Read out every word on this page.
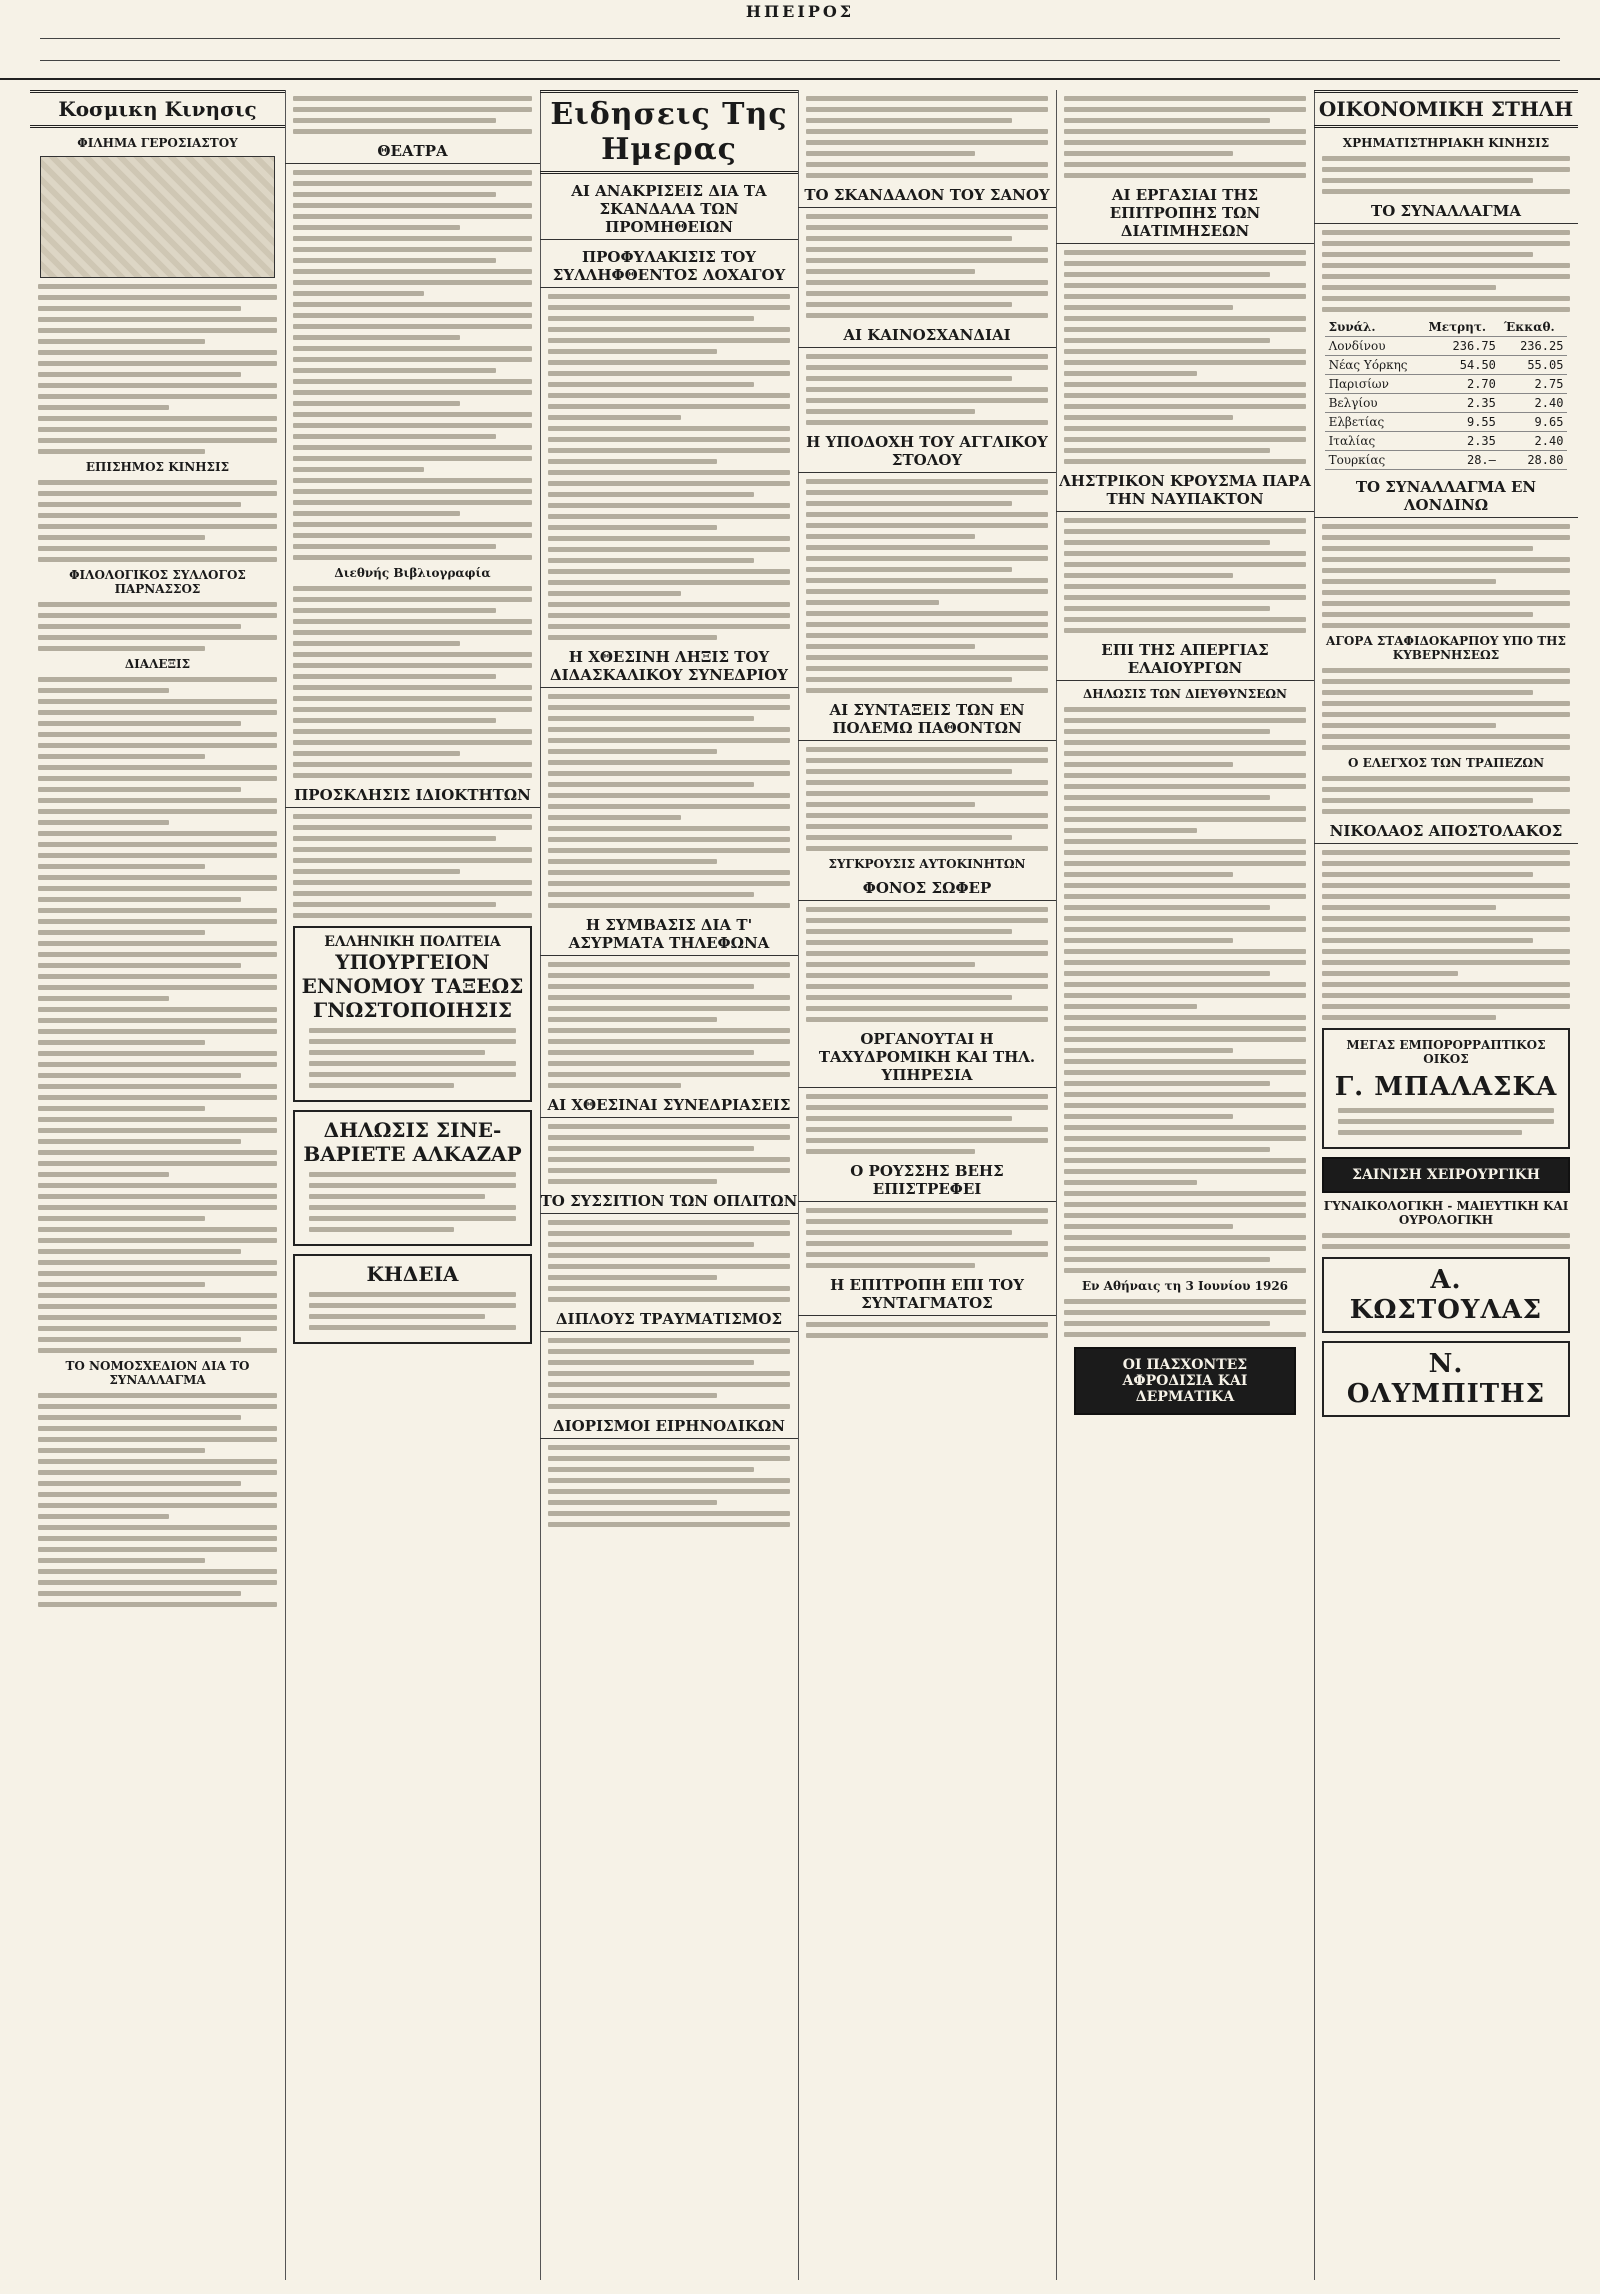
ΗΠΕΙΡΟΣ
Κοσμικη Κινησις
ΦΙΛΗΜΑ ΓΕΡΟΣΙΑΣΤΟΥ
ΕΠΙΣΗΜΟΣ ΚΙΝΗΣΙΣ
ΦΙΛΟΛΟΓΙΚΟΣ ΣΥΛΛΟΓΟΣ ΠΑΡΝΑΣΣΟΣ
ΔΙΑΛΕΞΙΣ
ΤΟ ΝΟΜΟΣΧΕΔΙΟΝ ΔΙΑ ΤΟ ΣΥΝΑΛΛΑΓΜΑ
ΘΕΑΤΡΑ
Διεθνής Βιβλιογραφία
ΠΡΟΣΚΛΗΣΙΣ ΙΔΙΟΚΤΗΤΩΝ
ΕΛΛΗΝΙΚΗ ΠΟΛΙΤΕΙΑ
ΥΠΟΥΡΓΕΙΟΝ ΕΝΝΟΜΟΥ ΤΑΞΕΩΣ ΓΝΩΣΤΟΠΟΙΗΣΙΣ
ΔΗΛΩΣΙΣ ΣΙΝΕ-ΒΑΡΙΕΤΕ ΑΛΚΑΖΑΡ
ΚΗΔΕΙΑ
Ειδησεις Της Ημερας
ΑΙ ΑΝΑΚΡΙΣΕΙΣ ΔΙΑ ΤΑ ΣΚΑΝΔΑΛΑ ΤΩΝ ΠΡΟΜΗΘΕΙΩΝ
ΠΡΟΦΥΛΑΚΙΣΙΣ ΤΟΥ ΣΥΛΛΗΦΘΕΝΤΟΣ ΛΟΧΑΓΟΥ
Η ΧΘΕΣΙΝΗ ΛΗΞΙΣ ΤΟΥ ΔΙΔΑΣΚΑΛΙΚΟΥ ΣΥΝΕΔΡΙΟΥ
Η ΣΥΜΒΑΣΙΣ ΔΙΑ Τ' ΑΣΥΡΜΑΤΑ ΤΗΛΕΦΩΝΑ
ΑΙ ΧΘΕΣΙΝΑΙ ΣΥΝΕΔΡΙΑΣΕΙΣ
ΤΟ ΣΥΣΣΙΤΙΟΝ ΤΩΝ ΟΠΛΙΤΩΝ
ΔΙΠΛΟΥΣ ΤΡΑΥΜΑΤΙΣΜΟΣ
ΔΙΟΡΙΣΜΟΙ ΕΙΡΗΝΟΔΙΚΩΝ
ΤΟ ΣΚΑΝΔΑΛΟΝ ΤΟΥ ΣΑΝΟΥ
ΑΙ ΚΑΙΝΟΣΧΑΝΔΙΑΙ
Η ΥΠΟΔΟΧΗ ΤΟΥ ΑΓΓΛΙΚΟΥ ΣΤΟΛΟΥ
ΑΙ ΣΥΝΤΑΞΕΙΣ ΤΩΝ ΕΝ ΠΟΛΕΜΩ ΠΑΘΟΝΤΩΝ
ΣΥΓΚΡΟΥΣΙΣ ΑΥΤΟΚΙΝΗΤΩΝ
ΦΟΝΟΣ ΣΩΦΕΡ
ΟΡΓΑΝΟΥΤΑΙ Η ΤΑΧΥΔΡΟΜΙΚΗ ΚΑΙ ΤΗΛ. ΥΠΗΡΕΣΙΑ
Ο ΡΟΥΣΣΗΣ ΒΕΗΣ ΕΠΙΣΤΡΕΦΕΙ
Η ΕΠΙΤΡΟΠΗ ΕΠΙ ΤΟΥ ΣΥΝΤΑΓΜΑΤΟΣ
ΑΙ ΕΡΓΑΣΙΑΙ ΤΗΣ ΕΠΙΤΡΟΠΗΣ ΤΩΝ ΔΙΑΤΙΜΗΣΕΩΝ
ΛΗΣΤΡΙΚΟΝ ΚΡΟΥΣΜΑ ΠΑΡΑ ΤΗΝ ΝΑΥΠΑΚΤΟΝ
ΕΠΙ ΤΗΣ ΑΠΕΡΓΙΑΣ ΕΛΑΙΟΥΡΓΩΝ
ΔΗΛΩΣΙΣ ΤΩΝ ΔΙΕΥΘΥΝΣΕΩΝ
Εν Αθήναις τη 3 Ιουνίου 1926
ΟΙ ΠΑΣΧΟΝΤΕΣ ΑΦΡΟΔΙΣΙΑ ΚΑΙ ΔΕΡΜΑΤΙΚΑ
ΟΙΚΟΝΟΜΙΚΗ ΣΤΗΛΗ
ΧΡΗΜΑΤΙΣΤΗΡΙΑΚΗ ΚΙΝΗΣΙΣ
ΤΟ ΣΥΝΑΛΛΑΓΜΑ
Συνάλ.	Μετρητ.	Έκκαθ.
Λονδίνου	236.75	236.25
Νέας Υόρκης	54.50	55.05
Παρισίων	2.70	2.75
Βελγίου	2.35	2.40
Ελβετίας	9.55	9.65
Ιταλίας	2.35	2.40
Τουρκίας	28.—	28.80
ΤΟ ΣΥΝΑΛΛΑΓΜΑ ΕΝ ΛΟΝΔΙΝΩ
ΑΓΟΡΑ ΣΤΑΦΙΔΟΚΑΡΠΟΥ ΥΠΟ ΤΗΣ ΚΥΒΕΡΝΗΣΕΩΣ
Ο ΕΛΕΓΧΟΣ ΤΩΝ ΤΡΑΠΕΖΩΝ
ΝΙΚΟΛΑΟΣ ΑΠΟΣΤΟΛΑΚΟΣ
ΜΕΓΑΣ ΕΜΠΟΡΟΡΡΑΠΤΙΚΟΣ ΟΙΚΟΣ
Γ. ΜΠΑΛΑΣΚΑ
ΣΑΙΝΙΣΗ ΧΕΙΡΟΥΡΓΙΚΗ
ΓΥΝΑΙΚΟΛΟΓΙΚΗ - ΜΑΙΕΥΤΙΚΗ ΚΑΙ ΟΥΡΟΛΟΓΙΚΗ
Α. ΚΩΣΤΟΥΛΑΣ
Ν. ΟΛΥΜΠΙΤΗΣ
